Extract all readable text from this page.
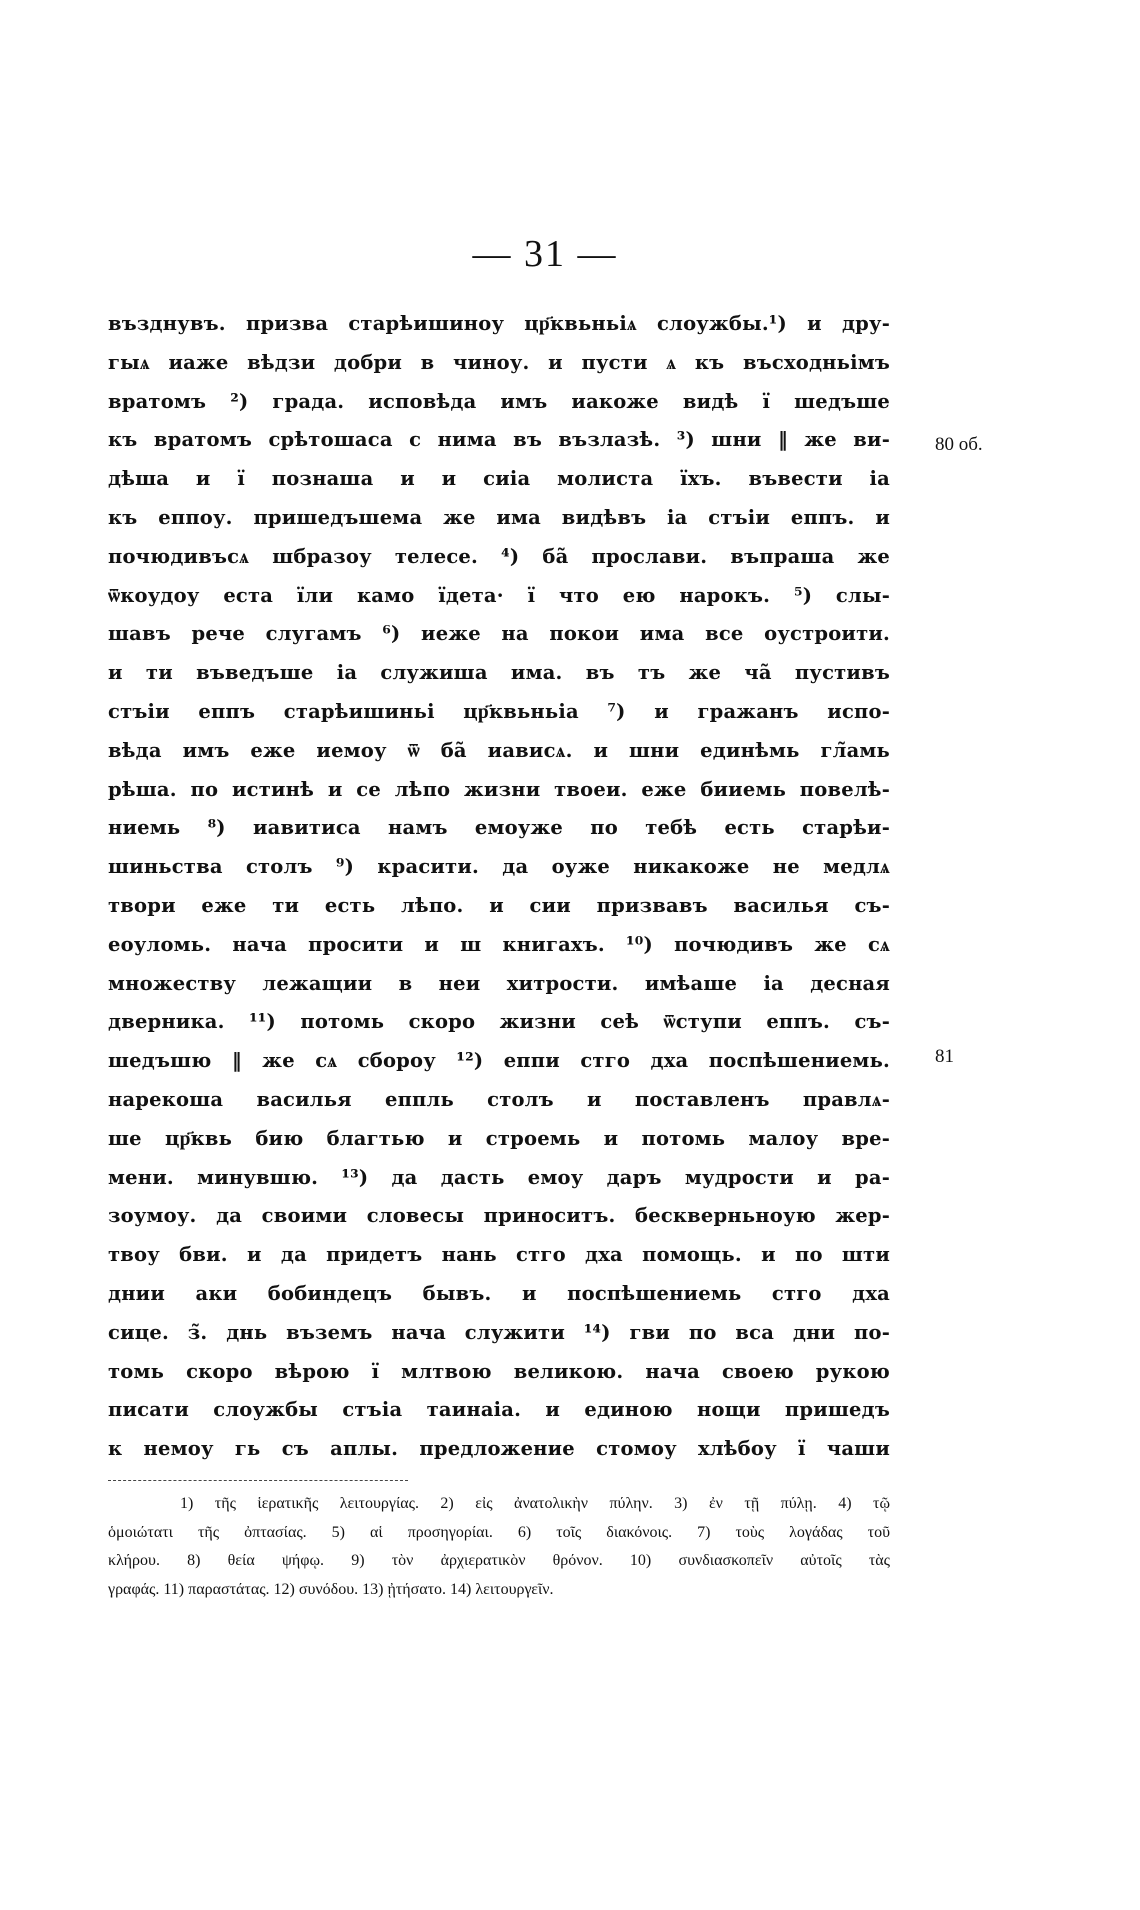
— 31 —
възднувъ. призва старѣишиноу цр҃квьньіѧ слоужбы.¹) и дру-
гыѧ иаже вѣдзи добри в чиноу. и пусти ѧ къ въсходньімъ
вратомъ ²) града. исповѣда имъ иакоже видѣ ї шедъше
къ вратомъ срѣтошаса с нима въ възлазѣ. ³) шни ‖ же ви-
дѣша и ї познаша и и сиіа молиста їхъ. въвести іа
къ еппоу. пришедъшема же има видѣвъ іа стъіи еппъ. и
почюдивъсѧ шбразоу телесе. ⁴) ба̃ прослави. въпраша же
ѿкоудоу еста їли камо їдета· ї что ею нарокъ. ⁵) слы-
шавъ рече слугамъ ⁶) иеже на покои има все оустроити.
и ти въведъше іа служиша има. въ тъ же ча̃ пустивъ
стъіи еппъ старѣишиньі цр҃квьньіа ⁷) и гражанъ испо-
вѣда имъ еже иемоу ѿ ба̃ иависѧ. и шни единѣмь гл̃амь
рѣша. по истинѣ и се лѣпо жизни твоеи. еже бииемь повелѣ-
ниемь ⁸) иавитиса намъ емоуже по тебѣ есть старѣи-
шиньства столъ ⁹) красити. да оуже никакоже не медлѧ
твори еже ти есть лѣпо. и сии призвавъ василья съ-
еоуломь. нача просити и ш книгахъ. ¹⁰) почюдивъ же сѧ
множеству лежащии в неи хитрости. имѣаше іа десная
дверника. ¹¹) потомь скоро жизни сеѣ ѿступи еппъ. съ-
шедъшю ‖ же сѧ сбороу ¹²) еппи стго дха поспѣшениемь.
нарекоша василья еппль столъ и поставленъ правлѧ-
ше цр҃квь бию благтью и строемь и потомь малоу вре-
мени. минувшю. ¹³) да дасть емоу даръ мудрости и ра-
зоумоу. да своими словесы приноситъ. бескверньноую жер-
твоу бви. и да придетъ нань стго дха помощь. и по шти
днии аки бобиндецъ бывъ. и поспѣшениемь стго дха
сице. з̃. днь въземъ нача служити ¹⁴) гви по вса дни по-
томь скоро вѣрою ї млтвою великою. нача своею рукою
писати слоужбы стъіа таинаіа. и единою нощи пришедъ
к немоу гь съ аплы. предложение стомоу хлѣбоу ї чаши
80 об.
81
1) τῆς ἱερατικῆς λειτουργίας. 2) εἰς ἀνατολικὴν πύλην. 3) ἐν τῇ πύλῃ. 4) τῷ
ὁμοιώτατι τῆς ὀπτασίας. 5) αἱ προσηγορίαι. 6) τοῖς διακόνοις. 7) τοὺς λογάδας τοῦ
κλήρου. 8) θεία ψήφῳ. 9) τὸν ἀρχιερατικὸν θρόνον. 10) συνδιασκοπεῖν αὐτοῖς τὰς
γραφάς. 11) παραστάτας. 12) συνόδου. 13) ᾐτήσατο. 14) λειτουργεῖν.
